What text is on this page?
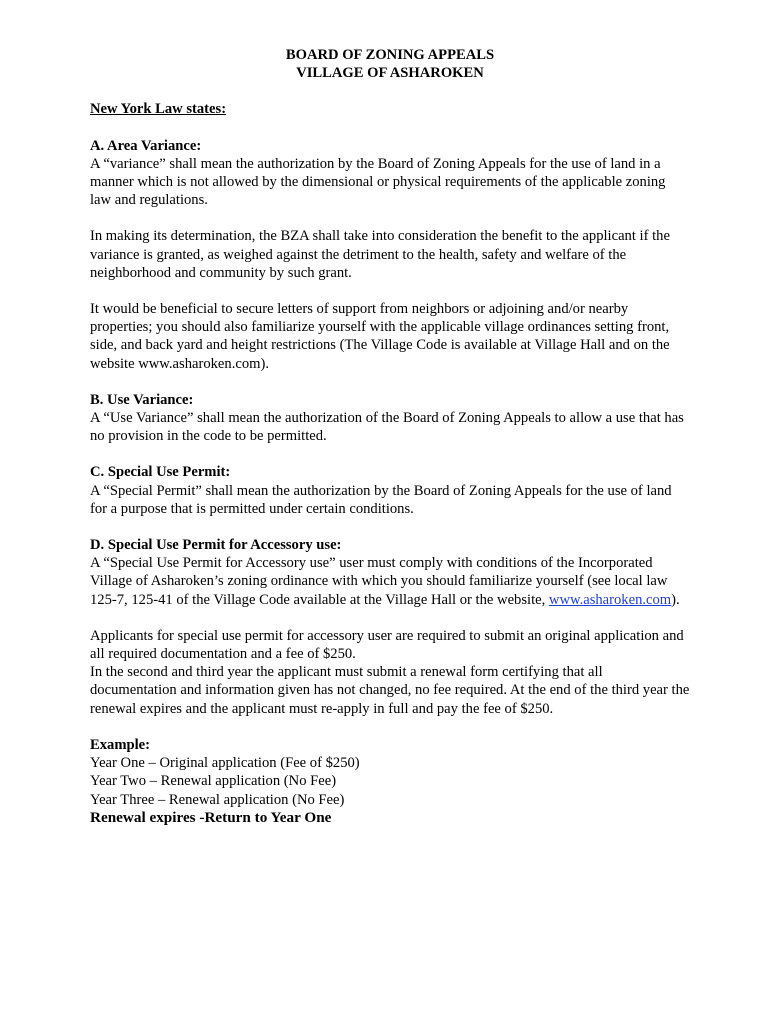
BOARD OF ZONING APPEALS
VILLAGE OF ASHAROKEN
New York Law states:
A. Area Variance:
A “variance” shall mean the authorization by the Board of Zoning Appeals for the use of land in a manner which is not allowed by the dimensional or physical requirements of the applicable zoning law and regulations.
In making its determination, the BZA shall take into consideration the benefit to the applicant if the variance is granted, as weighed against the detriment to the health, safety and welfare of the neighborhood and community by such grant.
It would be beneficial to secure letters of support from neighbors or adjoining and/or nearby properties; you should also familiarize yourself with the applicable village ordinances setting front, side, and back yard and height restrictions (The Village Code is available at Village Hall and on the website www.asharoken.com).
B. Use Variance:
A “Use Variance” shall mean the authorization of the Board of Zoning Appeals to allow a use that has no provision in the code to be permitted.
C. Special Use Permit:
A “Special Permit” shall mean the authorization by the Board of Zoning Appeals for the use of land for a purpose that is permitted under certain conditions.
D. Special Use Permit for Accessory use:
A “Special Use Permit for Accessory use” user must comply with conditions of the Incorporated Village of Asharoken’s zoning ordinance with which you should familiarize yourself (see local law 125-7, 125-41 of the Village Code available at the Village Hall or the website, www.asharoken.com).
Applicants for special use permit for accessory user are required to submit an original application and all required documentation and a fee of $250.
In the second and third year the applicant must submit a renewal form certifying that all documentation and information given has not changed, no fee required. At the end of the third year the renewal expires and the applicant must re-apply in full and pay the fee of $250.
Example:
Year One – Original application (Fee of $250)
Year Two – Renewal application (No Fee)
Year Three – Renewal application (No Fee)
Renewal expires -Return to Year One
